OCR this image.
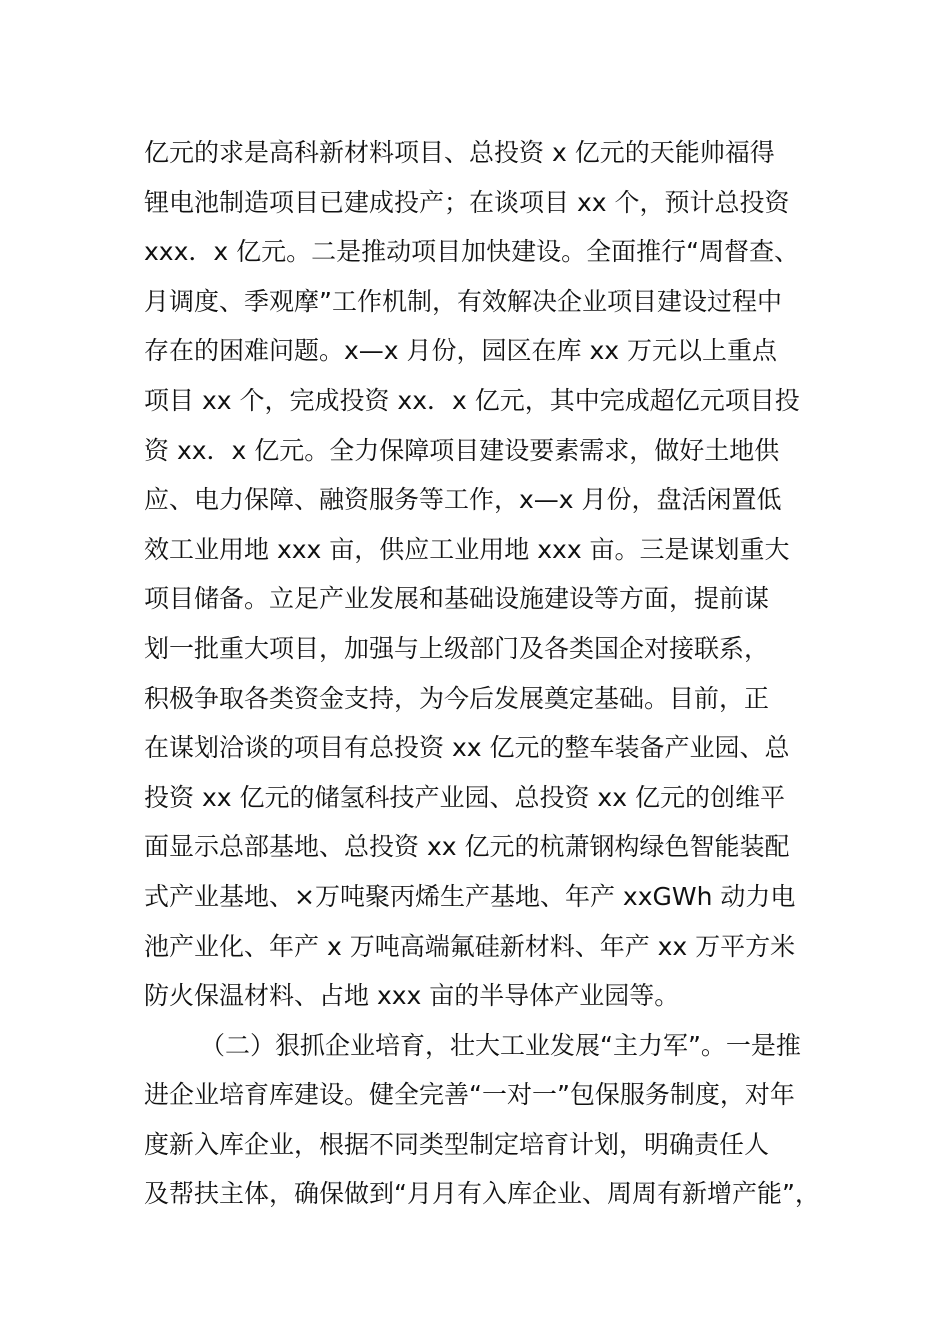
亿元的求是高科新材料项目、总投资 x 亿元的天能帅福得
锂电池制造项目已建成投产；在谈项目 xx 个，预计总投资
xxx．x 亿元。二是推动项目加快建设。全面推行“周督查、
月调度、季观摩”工作机制，有效解决企业项目建设过程中
存在的困难问题。x—x 月份，园区在库 xx 万元以上重点
项目 xx 个，完成投资 xx．x 亿元，其中完成超亿元项目投
资 xx．x 亿元。全力保障项目建设要素需求，做好土地供
应、电力保障、融资服务等工作，x—x 月份，盘活闲置低
效工业用地 xxx 亩，供应工业用地 xxx 亩。三是谋划重大
项目储备。立足产业发展和基础设施建设等方面，提前谋
划一批重大项目，加强与上级部门及各类国企对接联系，
积极争取各类资金支持，为今后发展奠定基础。目前，正
在谋划洽谈的项目有总投资 xx 亿元的整车装备产业园、总
投资 xx 亿元的储氢科技产业园、总投资 xx 亿元的创维平
面显示总部基地、总投资 xx 亿元的杭萧钢构绿色智能装配
式产业基地、×万吨聚丙烯生产基地、年产 xxGWh 动力电
池产业化、年产 x 万吨高端氟硅新材料、年产 xx 万平方米
防火保温材料、占地 xxx 亩的半导体产业园等。
（二）狠抓企业培育，壮大工业发展“主力军”。一是推
进企业培育库建设。健全完善“一对一”包保服务制度，对年
度新入库企业，根据不同类型制定培育计划，明确责任人
及帮扶主体，确保做到“月月有入库企业、周周有新增产能”，
